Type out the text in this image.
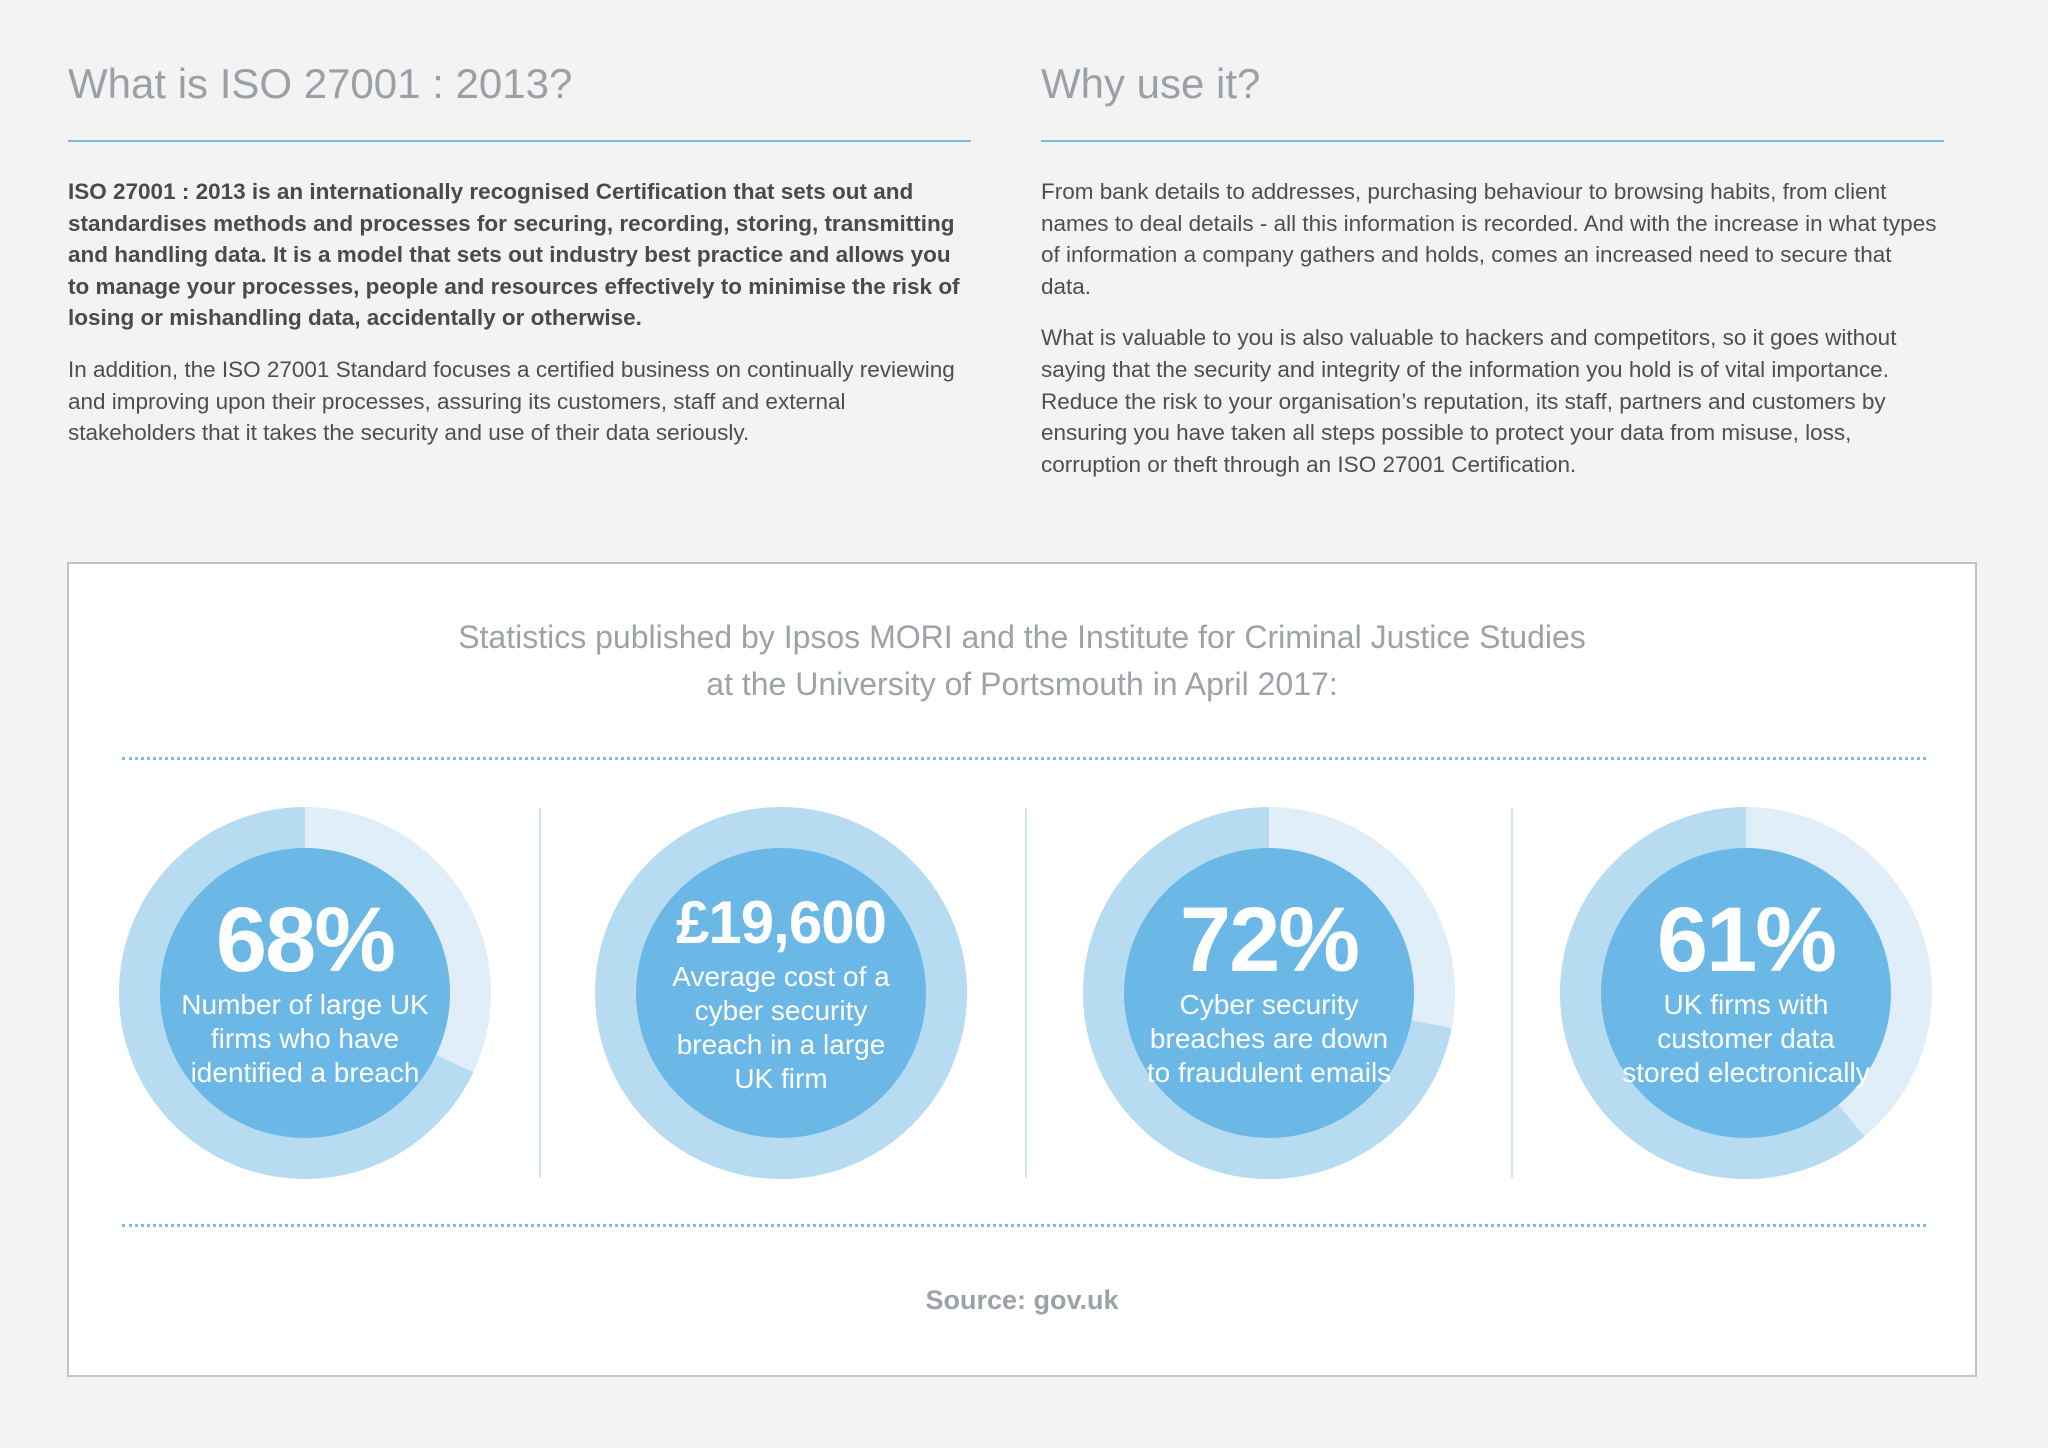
What is ISO 27001 : 2013?

ISO 27001 : 2013 is an internationally recognised Certification that sets out and standardises methods and processes for securing, recording, storing, transmitting and handling data. It is a model that sets out industry best practice and allows you to manage your processes, people and resources effectively to minimise the risk of losing or mishandling data, accidentally or otherwise.

In addition, the ISO 27001 Standard focuses a certified business on continually reviewing and improving upon their processes, assuring its customers, staff and external stakeholders that it takes the security and use of their data seriously.

Why use it?

From bank details to addresses, purchasing behaviour to browsing habits, from client names to deal details - all this information is recorded. And with the increase in what types of information a company gathers and holds, comes an increased need to secure that data.

What is valuable to you is also valuable to hackers and competitors, so it goes without saying that the security and integrity of the information you hold is of vital importance. Reduce the risk to your organisation’s reputation, its staff, partners and customers by ensuring you have taken all steps possible to protect your data from misuse, loss, corruption or theft through an ISO 27001 Certification.

Statistics published by Ipsos MORI and the Institute for Criminal Justice Studies
at the University of Portsmouth in April 2017:
68%
Number of large UK firms who have identified a breach
£19,600
Average cost of a cyber security breach in a large UK firm
72%
Cyber security breaches are down to fraudulent emails
61%
UK firms with customer data stored electronically
Source: gov.uk
